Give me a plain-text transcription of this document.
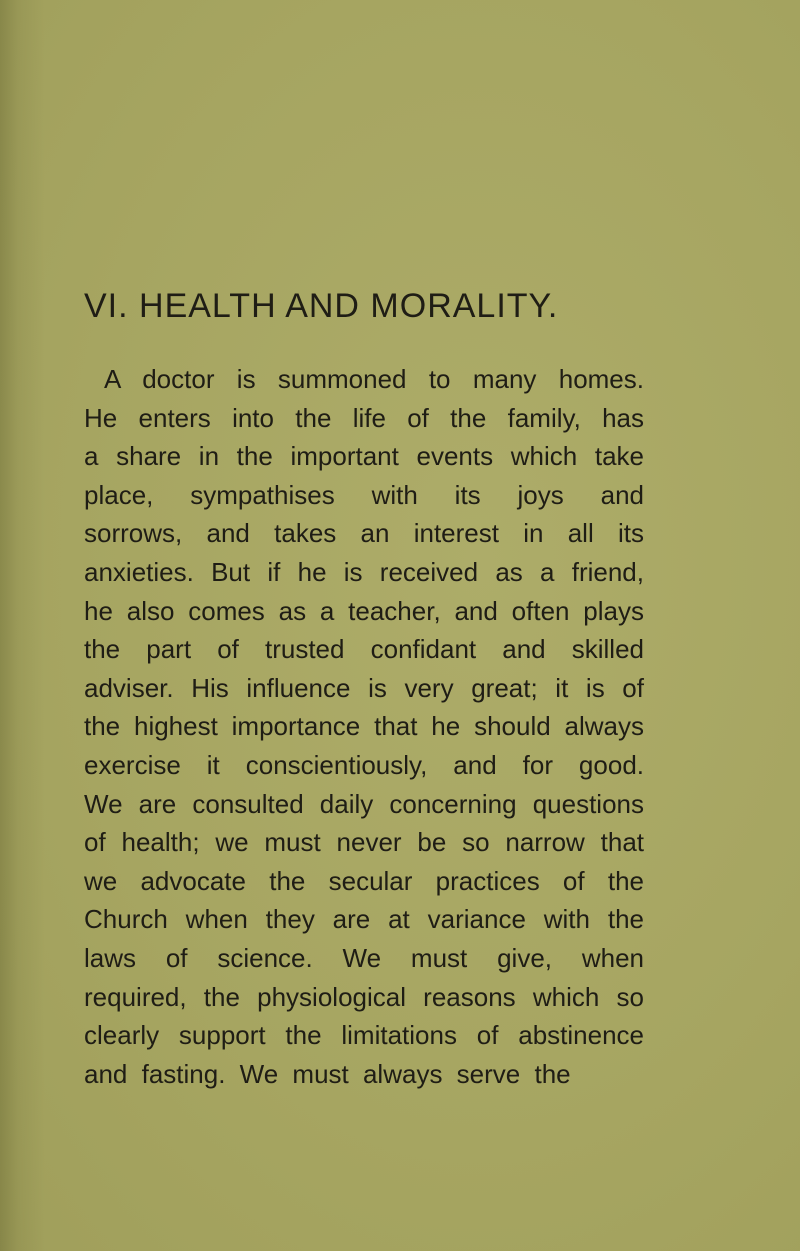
VI. HEALTH AND MORALITY.
A doctor is summoned to many homes.
He enters into the life of the family, has
a share in the important events which take
place, sympathises with its joys and
sorrows, and takes an interest in all its
anxieties. But if he is received as a friend,
he also comes as a teacher, and often plays
the part of trusted confidant and skilled
adviser. His influence is very great; it is of
the highest importance that he should always
exercise it conscientiously, and for good.
We are consulted daily concerning questions
of health; we must never be so narrow that
we advocate the secular practices of the
Church when they are at variance with the
laws of science. We must give, when
required, the physiological reasons which so
clearly support the limitations of abstinence
and fasting. We must always serve the
